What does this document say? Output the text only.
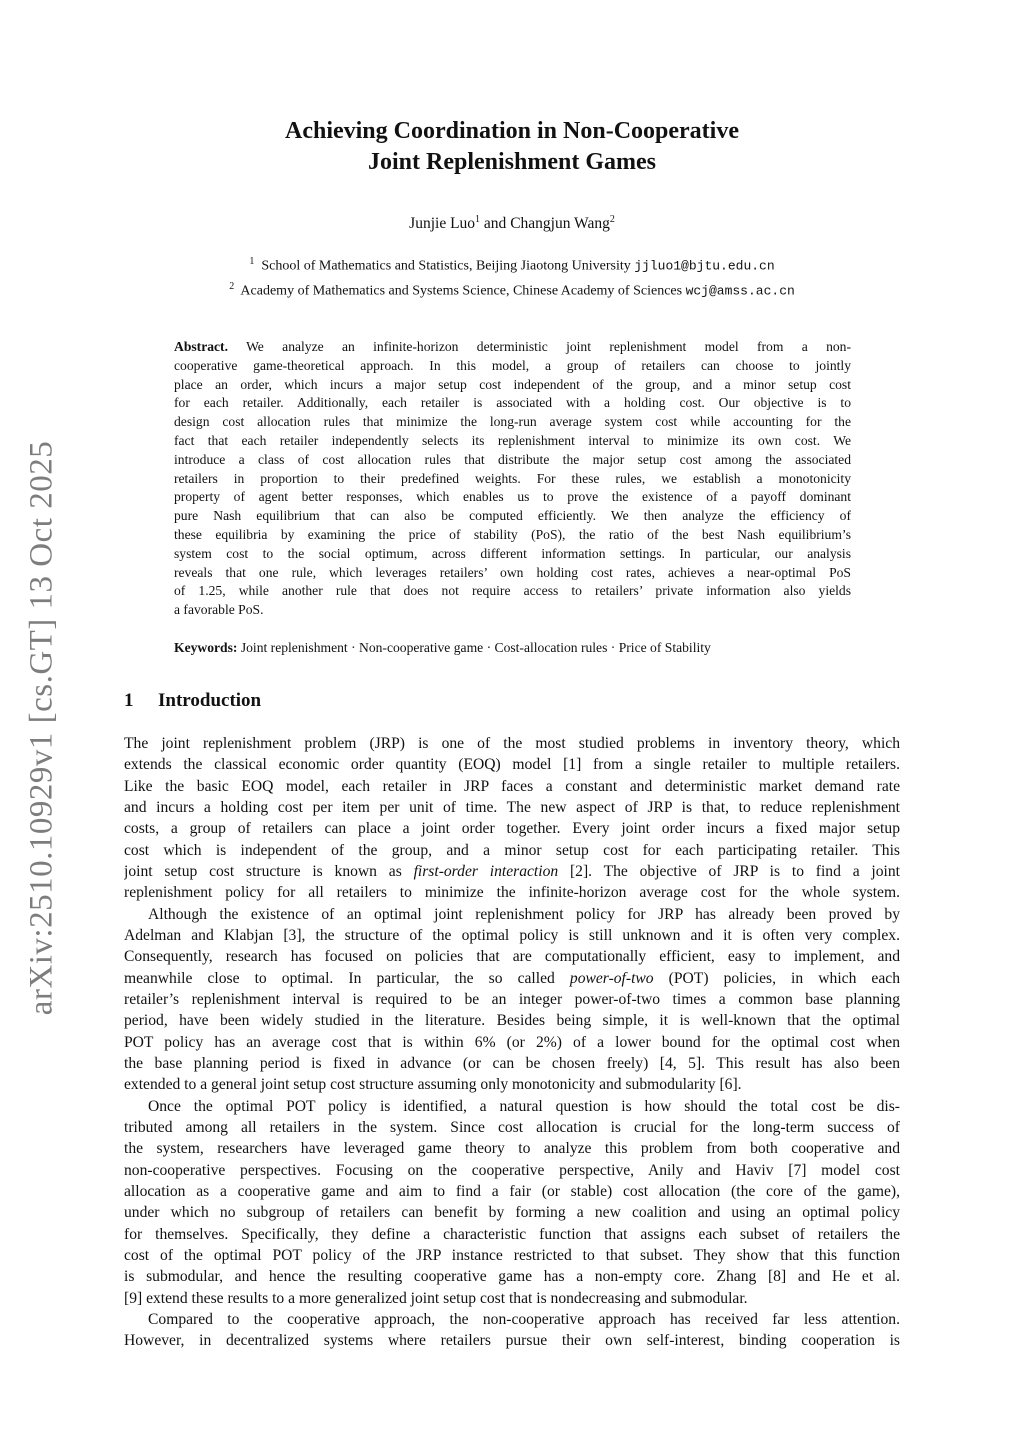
arXiv:2510.10929v1 [cs.GT] 13 Oct 2025
Achieving Coordination in Non-Cooperative
Joint Replenishment Games
Junjie Luo$^1$ and Changjun Wang$^2$
$^1$ School of Mathematics and Statistics, Beijing Jiaotong University jjluo1@bjtu.edu.cn
$^2$ Academy of Mathematics and Systems Science, Chinese Academy of Sciences wcj@amss.ac.cn
Abstract. We analyze an infinite-horizon deterministic joint replenishment model from a non-
cooperative game-theoretical approach. In this model, a group of retailers can choose to jointly
place an order, which incurs a major setup cost independent of the group, and a minor setup cost
for each retailer. Additionally, each retailer is associated with a holding cost. Our objective is to
design cost allocation rules that minimize the long-run average system cost while accounting for the
fact that each retailer independently selects its replenishment interval to minimize its own cost. We
introduce a class of cost allocation rules that distribute the major setup cost among the associated
retailers in proportion to their predefined weights. For these rules, we establish a monotonicity
property of agent better responses, which enables us to prove the existence of a payoff dominant
pure Nash equilibrium that can also be computed efficiently. We then analyze the efficiency of
these equilibria by examining the price of stability (PoS), the ratio of the best Nash equilibrium’s
system cost to the social optimum, across different information settings. In particular, our analysis
reveals that one rule, which leverages retailers’ own holding cost rates, achieves a near-optimal PoS
of 1.25, while another rule that does not require access to retailers’ private information also yields
a favorable PoS.
Keywords: Joint replenishment · Non-cooperative game · Cost-allocation rules · Price of Stability
1 Introduction
The joint replenishment problem (JRP) is one of the most studied problems in inventory theory, which
extends the classical economic order quantity (EOQ) model [1] from a single retailer to multiple retailers.
Like the basic EOQ model, each retailer in JRP faces a constant and deterministic market demand rate
and incurs a holding cost per item per unit of time. The new aspect of JRP is that, to reduce replenishment
costs, a group of retailers can place a joint order together. Every joint order incurs a fixed major setup
cost which is independent of the group, and a minor setup cost for each participating retailer. This
joint setup cost structure is known as first-order interaction [2]. The objective of JRP is to find a joint
replenishment policy for all retailers to minimize the infinite-horizon average cost for the whole system.
Although the existence of an optimal joint replenishment policy for JRP has already been proved by
Adelman and Klabjan [3], the structure of the optimal policy is still unknown and it is often very complex.
Consequently, research has focused on policies that are computationally efficient, easy to implement, and
meanwhile close to optimal. In particular, the so called power-of-two (POT) policies, in which each
retailer’s replenishment interval is required to be an integer power-of-two times a common base planning
period, have been widely studied in the literature. Besides being simple, it is well-known that the optimal
POT policy has an average cost that is within 6% (or 2%) of a lower bound for the optimal cost when
the base planning period is fixed in advance (or can be chosen freely) [4, 5]. This result has also been
extended to a general joint setup cost structure assuming only monotonicity and submodularity [6].
Once the optimal POT policy is identified, a natural question is how should the total cost be dis-
tributed among all retailers in the system. Since cost allocation is crucial for the long-term success of
the system, researchers have leveraged game theory to analyze this problem from both cooperative and
non-cooperative perspectives. Focusing on the cooperative perspective, Anily and Haviv [7] model cost
allocation as a cooperative game and aim to find a fair (or stable) cost allocation (the core of the game),
under which no subgroup of retailers can benefit by forming a new coalition and using an optimal policy
for themselves. Specifically, they define a characteristic function that assigns each subset of retailers the
cost of the optimal POT policy of the JRP instance restricted to that subset. They show that this function
is submodular, and hence the resulting cooperative game has a non-empty core. Zhang [8] and He et al.
[9] extend these results to a more generalized joint setup cost that is nondecreasing and submodular.
Compared to the cooperative approach, the non-cooperative approach has received far less attention.
However, in decentralized systems where retailers pursue their own self-interest, binding cooperation is
